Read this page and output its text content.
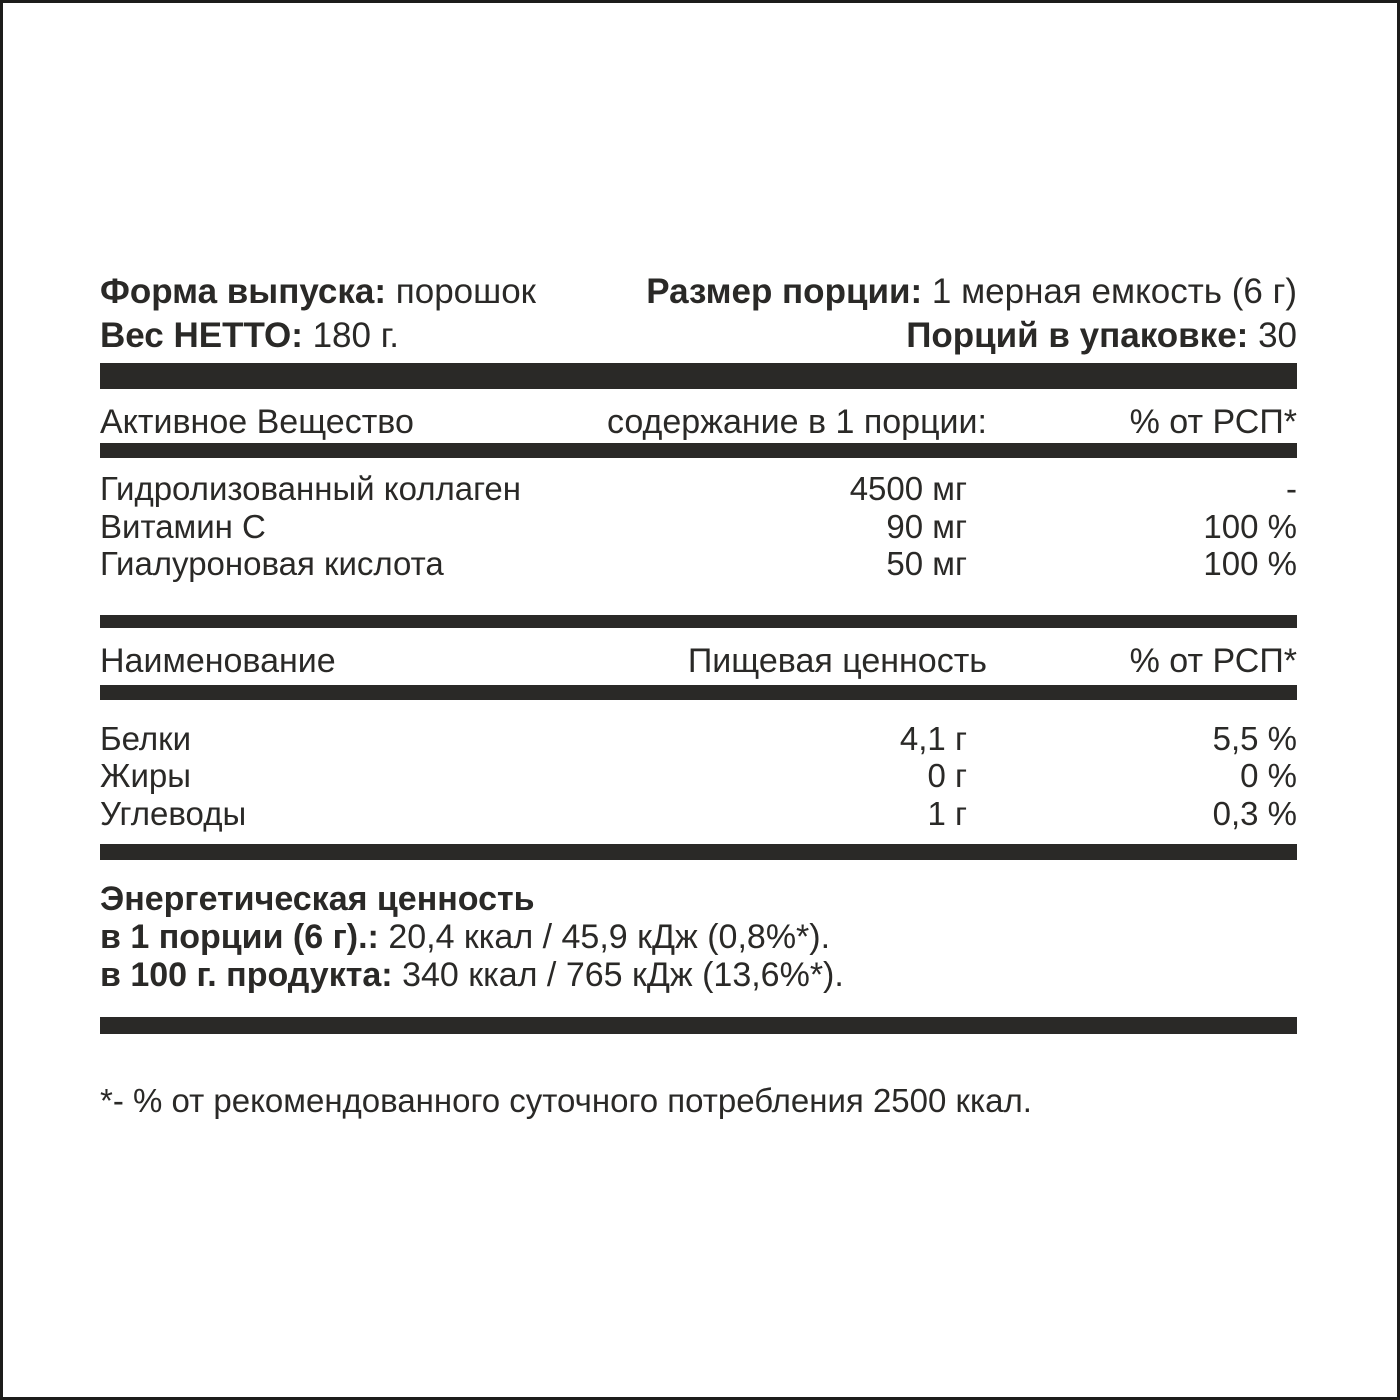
Форма выпуска: порошок

Вес НЕТТО: 180 г.

Размер порции: 1 мерная емкость (6 г)

Порций в упаковке: 30

Активное Вещество	содержание в 1 порции:	% от РСП*
Гидролизованный коллаген	4500 мг	-
Витамин С	90 мг	100 %
Гиалуроновая кислота	50 мг	100 %
Наименование	Пищевая ценность	% от РСП*
Белки	4,1 г	5,5 %
Жиры	0 г	0 %
Углеводы	1 г	0,3 %

Энергетическая ценность

в 1 порции (6 г).: 20,4 ккал / 45,9 кДж (0,8%*).

в 100 г. продукта: 340 ккал / 765 кДж (13,6%*).

*- % от рекомендованного суточного потребления 2500 ккал.
